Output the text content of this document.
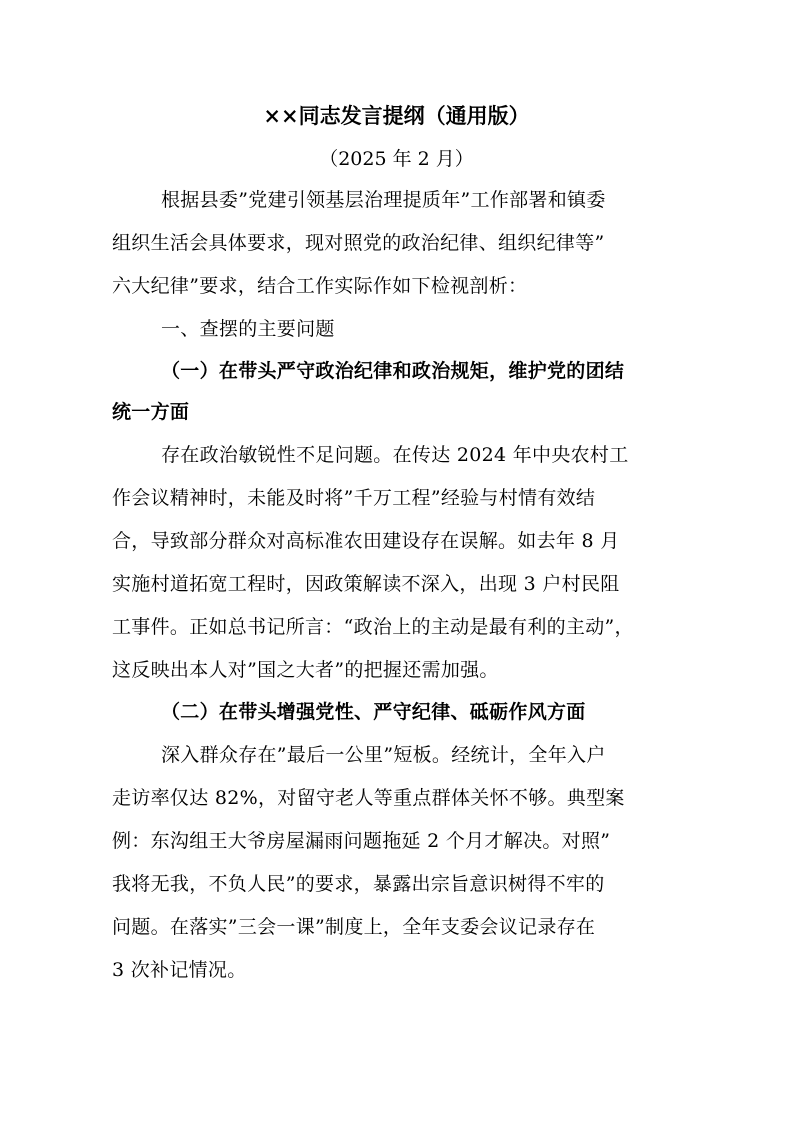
××同志发言提纲（通用版）
（2025 年 2 月）
根据县委”党建引领基层治理提质年”工作部署和镇委
组织生活会具体要求，现对照党的政治纪律、组织纪律等”
六大纪律”要求，结合工作实际作如下检视剖析：
一、查摆的主要问题
（一）在带头严守政治纪律和政治规矩，维护党的团结
统一方面
存在政治敏锐性不足问题。在传达 2024 年中央农村工
作会议精神时，未能及时将”千万工程”经验与村情有效结
合，导致部分群众对高标准农田建设存在误解。如去年 8 月
实施村道拓宽工程时，因政策解读不深入，出现 3 户村民阻
工事件。正如总书记所言：“政治上的主动是最有利的主动”，
这反映出本人对”国之大者”的把握还需加强。
（二）在带头增强党性、严守纪律、砥砺作风方面
深入群众存在”最后一公里”短板。经统计，全年入户
走访率仅达 82%，对留守老人等重点群体关怀不够。典型案
例：东沟组王大爷房屋漏雨问题拖延 2 个月才解决。对照”
我将无我，不负人民”的要求，暴露出宗旨意识树得不牢的
问题。在落实”三会一课”制度上，全年支委会议记录存在
3 次补记情况。
